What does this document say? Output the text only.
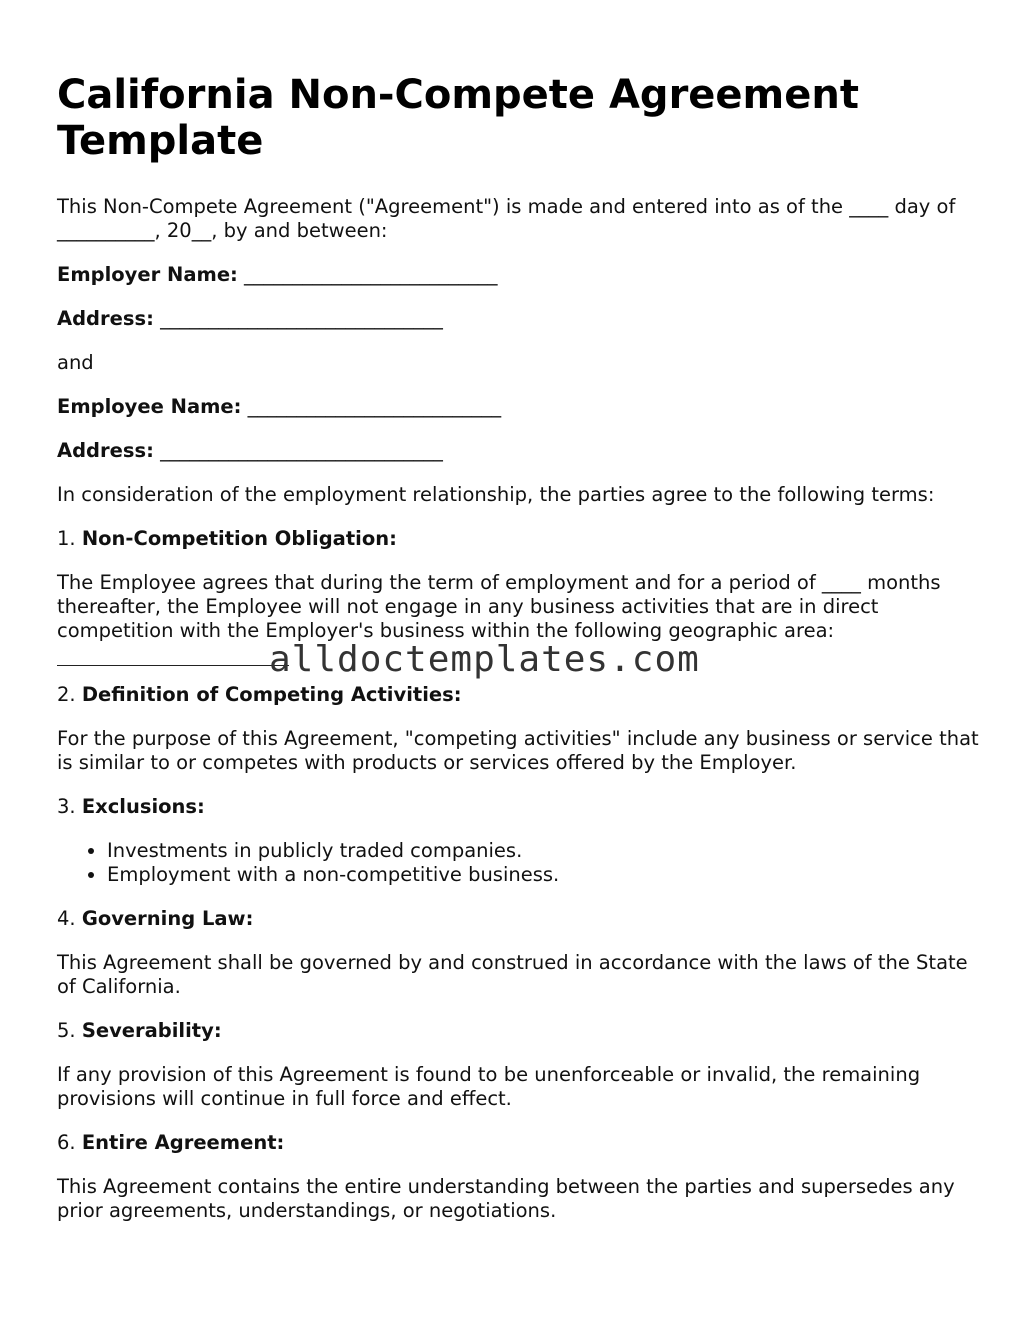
California Non-Compete Agreement Template

This Non-Compete Agreement ("Agreement") is made and entered into as of the ____ day of __________, 20__, by and between:

Employer Name: __________________________

Address: _____________________________

and

Employee Name: __________________________

Address: _____________________________

In consideration of the employment relationship, the parties agree to the following terms:

1. Non-Competition Obligation:

The Employee agrees that during the term of employment and for a period of ____ months thereafter, the Employee will not engage in any business activities that are in direct competition with the Employer's business within the following geographic area:

alldoctemplates.com

2. Definition of Competing Activities:

For the purpose of this Agreement, "competing activities" include any business or service that is similar to or competes with products or services offered by the Employer.

3. Exclusions:

• Investments in publicly traded companies.
• Employment with a non-competitive business.

4. Governing Law:

This Agreement shall be governed by and construed in accordance with the laws of the State of California.

5. Severability:

If any provision of this Agreement is found to be unenforceable or invalid, the remaining provisions will continue in full force and effect.

6. Entire Agreement:

This Agreement contains the entire understanding between the parties and supersedes any prior agreements, understandings, or negotiations.
